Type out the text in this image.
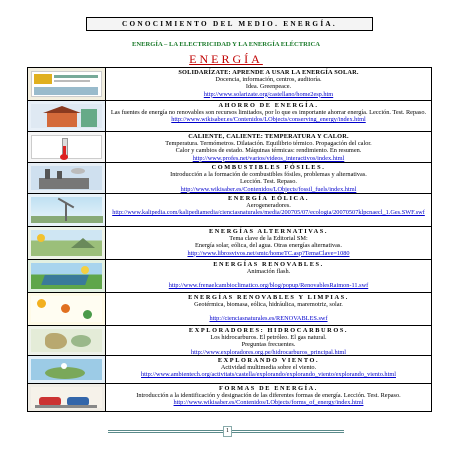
CONOCIMIENTO DEL MEDIO. ENERGÍA.
ENERGÍA – LA ELECTRICIDAD Y LA ENERGÍA ELÉCTRICA
ENERGÍA
SOLIDARÍZATE: APRENDE A USAR LA ENERGÍA SOLAR.
Docencia, información, centros, auditoría.
Idea. Greenpeace.
http://www.solarizate.org/castellano/home2esp.htm
AHORRO DE ENERGÍA.
Las fuentes de energía no renovables son recursos limitados, por lo que es importante ahorrar energía. Lección. Test. Repaso.
http://www.wikisaber.es/Contenidos/LObjects/conserving_energy/index.html
CALIENTE, CALIENTE: TEMPERATURA Y CALOR.
Temperatura. Termómetros. Dilatación. Equilibrio térmico. Propagación del calor.
Calor y cambios de estado. Máquinas térmicas: rendimiento. En resumen.
http://www.profes.net/varios/videos_interactivos/index.html
COMBUSTIBLES FÓSILES.
Introducción a la formación de combustibles fósiles, problemas y alternativas.
Lección. Test. Repaso.
http://www.wikisaber.es/Contenidos/LObjects/fossil_fuels/index.html
ENERGÍA EÓLICA.
Aerogeneradores.
http://www.kalipedia.com/kalipediamedia/cienciasnaturales/media/200705/07/ecologia/20070507klpcnaecl_1.Ges.SWF.swf
ENERGÍAS ALTERNATIVAS.
Tema clave de la Editorial SM:
Energía solar, eólica, del agua. Otras energías alternativas.
http://www.librosvivos.net/smtc/homeTC.asp?TemaClave=1080
ENERGÍAS RENOVABLES.
Animación flash.
http://www.frenaelcambioclimatico.org/blog/popup/RenovablesRaimon-11.swf
ENERGÍAS RENOVABLES Y LIMPIAS.
Geotérmica, biomasa, eólica, hidráulica, maremotriz, solar.
http://cienciasnaturales.es/RENOVABLES.swf
EXPLORADORES: HIDROCARBUROS.
Los hidrocarburos. El petróleo. El gas natural.
Preguntas frecuentes.
http://www.exploradores.org.pe/hidrocarburos_principal.html
EXPLORANDO VIENTO.
Actividad multimedia sobre el viento.
http://www.ambientech.org/activitats/castella/explorando/explorando_viento/explorando_viento.html
FORMAS DE ENERGÍA.
Introducción a la identificación y designación de las diferentes formas de energía. Lección. Test. Repaso.
http://www.wikisaber.es/Contenidos/LObjects/forms_of_energy/index.html
1
